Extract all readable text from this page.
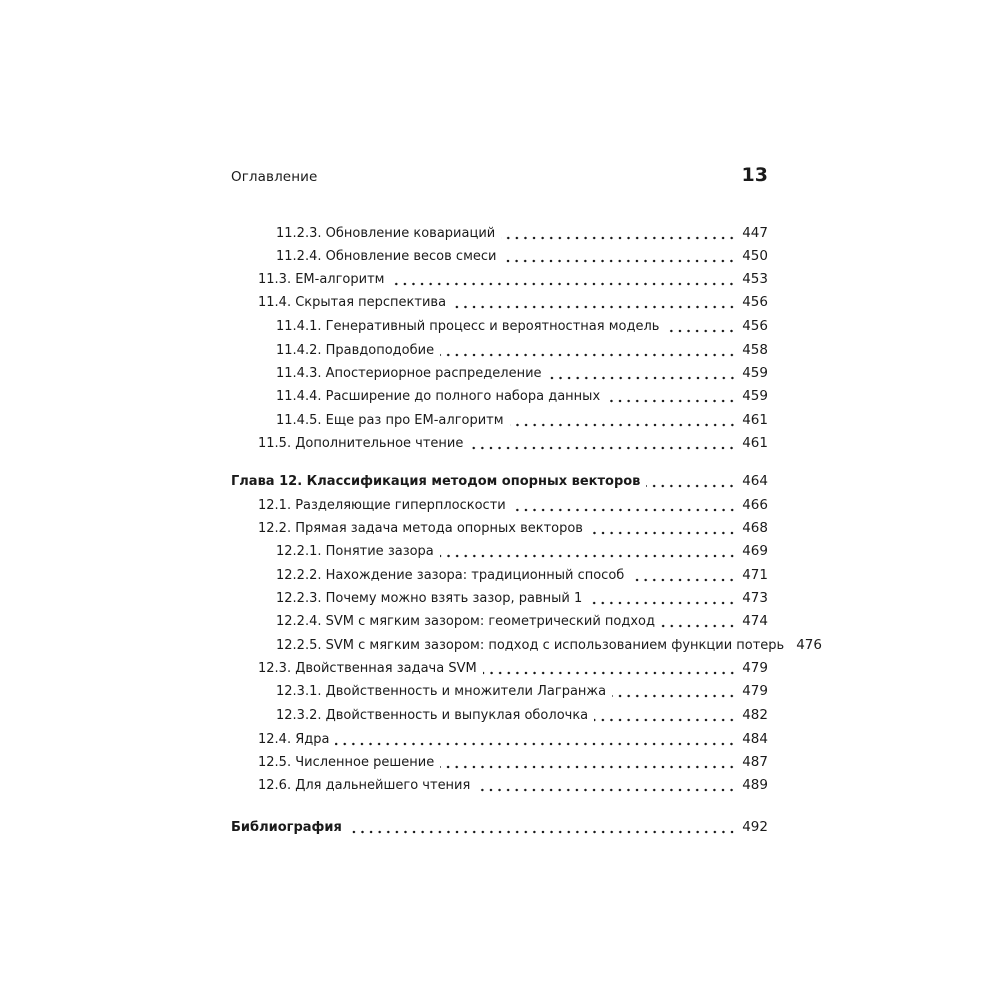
Оглавление	13
11.2.3. Обновление ковариаций	447
11.2.4. Обновление весов смеси	450
11.3. EM-алгоритм	453
11.4. Скрытая перспектива	456
11.4.1. Генеративный процесс и вероятностная модель	456
11.4.2. Правдоподобие	458
11.4.3. Апостериорное распределение	459
11.4.4. Расширение до полного набора данных	459
11.4.5. Еще раз про EM-алгоритм	461
11.5. Дополнительное чтение	461
Глава 12. Классификация методом опорных векторов	464
12.1. Разделяющие гиперплоскости	466
12.2. Прямая задача метода опорных векторов	468
12.2.1. Понятие зазора	469
12.2.2. Нахождение зазора: традиционный способ	471
12.2.3. Почему можно взять зазор, равный 1	473
12.2.4. SVM с мягким зазором: геометрический подход	474
12.2.5. SVM с мягким зазором: подход с использованием функции потерь 476
12.3. Двойственная задача SVM	479
12.3.1. Двойственность и множители Лагранжа	479
12.3.2. Двойственность и выпуклая оболочка	482
12.4. Ядра	484
12.5. Численное решение	487
12.6. Для дальнейшего чтения	489
Библиография	492
